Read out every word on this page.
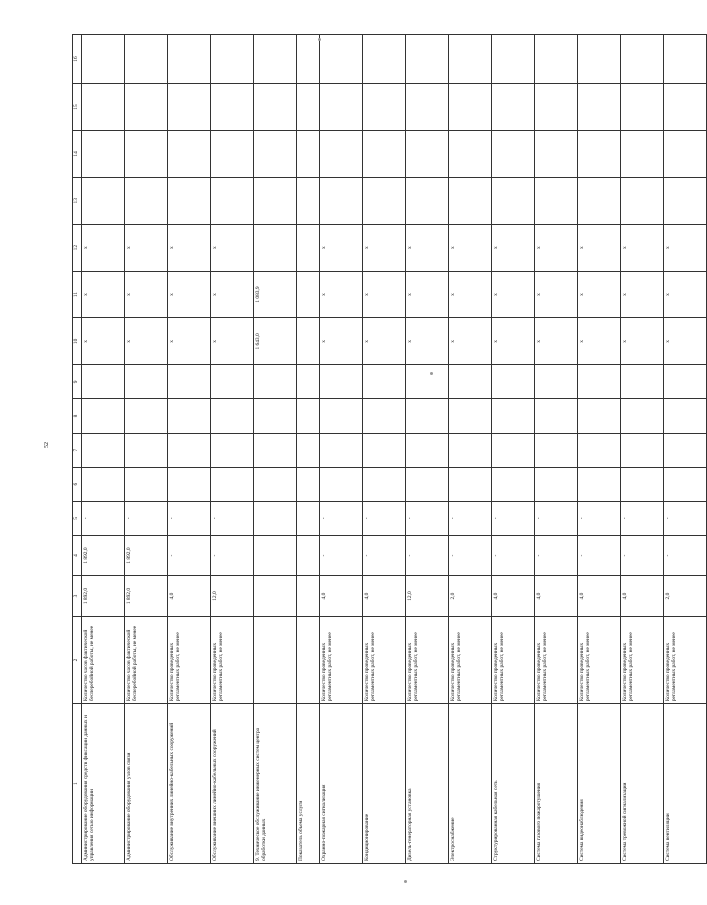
52
1	2	3	4	5	6	7	8	9	10	11	12	13	14	15	16
Администрирование оборудования средств фиксации данных и управления сетью информации	Количество часов фактической бесперебойной работы, не менее	1 892,0	1 892,0	-					x	x	x				
Администрирование оборудования узлов связи	Количество часов фактической бесперебойной работы, не менее	1 892,0	1 892,0	-					x	x	x				
Обслуживание внутренних линейно-кабельных сооружений	Количество проведенных регламентных работ, не менее	4,0	-	-					x	x	x				
Обслуживание внешних линейно-кабельных сооружений	Количество проведенных регламентных работ, не менее	12,0	-	-					x	x	x				
9. Техническое обслуживание инженерных систем центра обработки данных									1 643,0	1 083,9					
Показатель объема услуги															
Охранно-пожарная сигнализация	Количество проведенных регламентных работ, не менее	4,0	-	-					x	x	x				
Кондиционирование	Количество проведенных регламентных работ, не менее	4,0	-	-					x	x	x				
Дизель-генераторная установка	Количество проведенных регламентных работ, не менее	12,0	-	-					x	x	x				
Электроснабжение	Количество проведенных регламентных работ, не менее	2,0	-	-					x	x	x				
Структурированная кабельная сеть	Количество проведенных регламентных работ, не менее	4,0	-	-					x	x	x				
Система газового пожаротушения	Количество проведенных регламентных работ, не менее	4,0	-	-					x	x	x				
Система видеонаблюдения	Количество проведенных регламентных работ, не менее	4,0	-	-					x	x	x				
Система тревожной сигнализации	Количество проведенных регламентных работ, не менее	4,0	-	-					x	x	x				
Система вентиляции	Количество проведенных регламентных работ, не менее	2,0	-	-					x	x	x				
